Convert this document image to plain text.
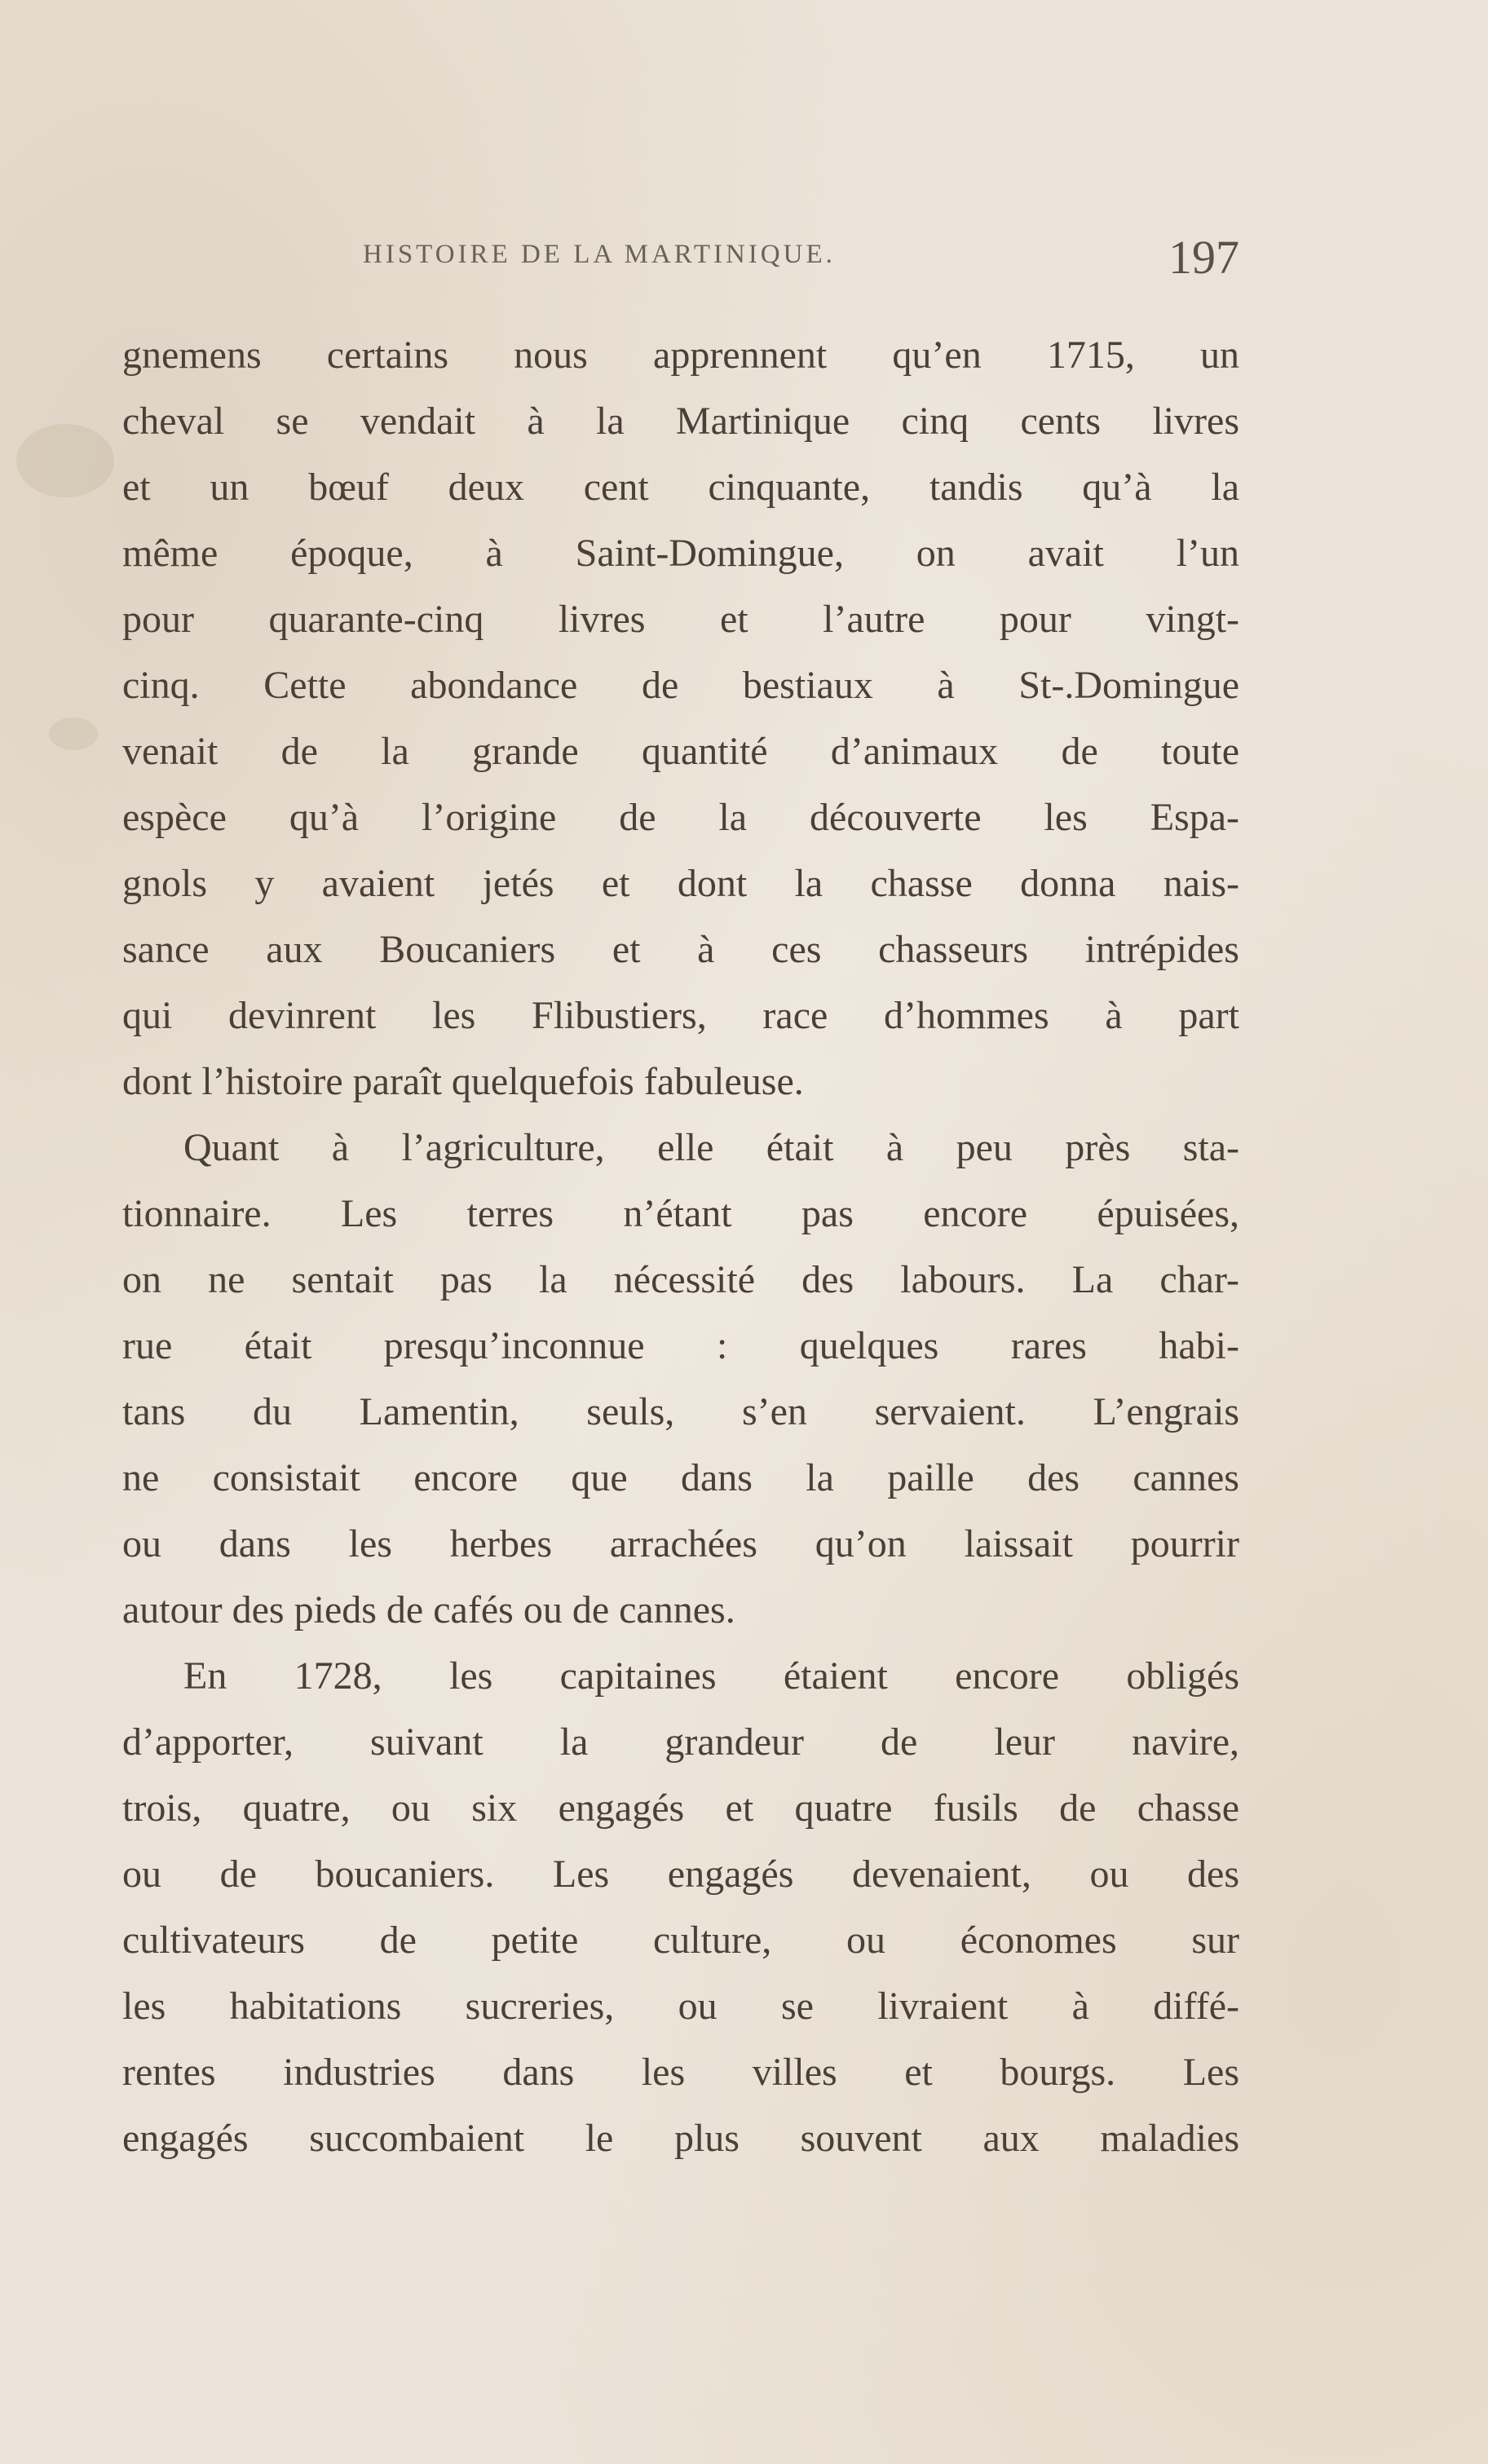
HISTOIRE DE LA MARTINIQUE.	197
gnemens certains nous apprennent qu’en 1715, un
cheval se vendait à la Martinique cinq cents livres
et un bœuf deux cent cinquante, tandis qu’à la
même époque, à Saint-Domingue, on avait l’un
pour quarante-cinq livres et l’autre pour vingt-
cinq. Cette abondance de bestiaux à St-.Domingue
venait de la grande quantité d’animaux de toute
espèce qu’à l’origine de la découverte les Espa-
gnols y avaient jetés et dont la chasse donna nais-
sance aux Boucaniers et à ces chasseurs intrépides
qui devinrent les Flibustiers, race d’hommes à part
dont l’histoire paraît quelquefois fabuleuse.
Quant à l’agriculture, elle était à peu près sta-
tionnaire. Les terres n’étant pas encore épuisées,
on ne sentait pas la nécessité des labours. La char-
rue était presqu’inconnue : quelques rares habi-
tans du Lamentin, seuls, s’en servaient. L’engrais
ne consistait encore que dans la paille des cannes
ou dans les herbes arrachées qu’on laissait pourrir
autour des pieds de cafés ou de cannes.
En 1728, les capitaines étaient encore obligés
d’apporter, suivant la grandeur de leur navire,
trois, quatre, ou six engagés et quatre fusils de chasse
ou de boucaniers. Les engagés devenaient, ou des
cultivateurs de petite culture, ou économes sur
les habitations sucreries, ou se livraient à diffé-
rentes industries dans les villes et bourgs. Les
engagés succombaient le plus souvent aux maladies
